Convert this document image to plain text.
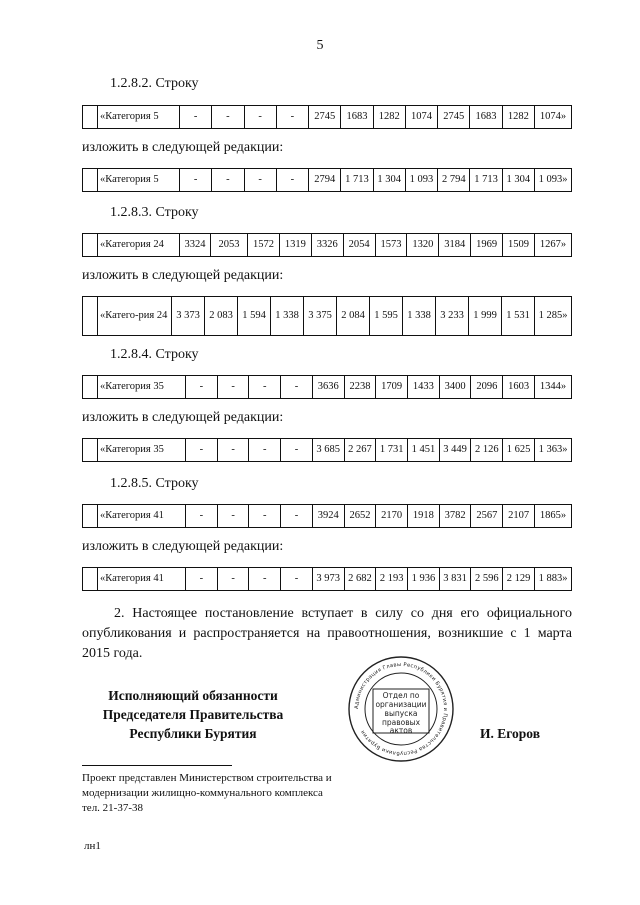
5
1.2.8.2. Строку
	«Категория 5	-	-	-	-	2745	1683	1282	1074	2745	1683	1282	1074»
изложить в следующей редакции:
	«Категория 5	-	-	-	-	2794	1 713	1 304	1 093	2 794	1 713	1 304	1 093»
1.2.8.3. Строку
	«Категория 24	3324	2053	1572	1319	3326	2054	1573	1320	3184	1969	1509	1267»
изложить в следующей редакции:
	«Катего-рия 24	3 373	2 083	1 594	1 338	3 375	2 084	1 595	1 338	3 233	1 999	1 531	1 285»
1.2.8.4. Строку
	«Категория 35	-	-	-	-	3636	2238	1709	1433	3400	2096	1603	1344»
изложить в следующей редакции:
	«Категория 35	-	-	-	-	3 685	2 267	1 731	1 451	3 449	2 126	1 625	1 363»
1.2.8.5. Строку
	«Категория 41	-	-	-	-	3924	2652	2170	1918	3782	2567	2107	1865»
изложить в следующей редакции:
	«Категория 41	-	-	-	-	3 973	2 682	2 193	1 936	3 831	2 596	2 129	1 883»
2. Настоящее постановление вступает в силу со дня его официального опубликования и распространяется на правоотношения, возникшие с 1 марта 2015 года.
Исполняющий обязанности
Председателя Правительства
Республики Бурятия
Администрация Главы Республики Бурятия и Правительства Республики Бурятия
Отдел по
организации
выпуска
правовых
актов	И. Егоров
Проект представлен Министерством строительства и
модернизации жилищно-коммунального комплекса
тел. 21-37-38
лн1
